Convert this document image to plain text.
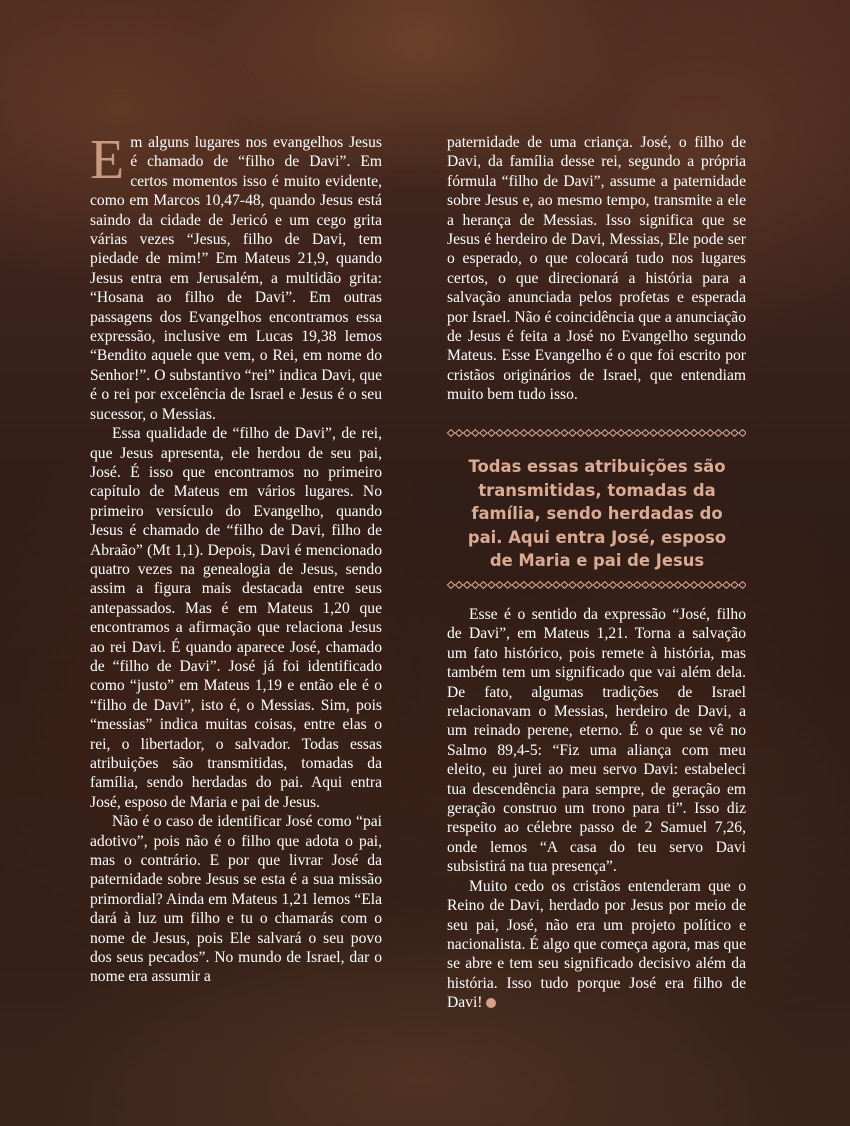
Em alguns lugares nos evangelhos Jesus é chamado de “filho de Davi”. Em certos momentos isso é muito evidente, como em Marcos 10,47-48, quando Jesus está saindo da cidade de Jericó e um cego grita várias vezes “Jesus, filho de Davi, tem piedade de mim!” Em Mateus 21,9, quando Jesus entra em Jerusalém, a multidão grita: “Hosana ao filho de Davi”. Em outras passagens dos Evangelhos encontramos essa expressão, inclusive em Lucas 19,38 lemos “Bendito aquele que vem, o Rei, em nome do Senhor!”. O substantivo “rei” indica Davi, que é o rei por excelência de Israel e Jesus é o seu sucessor, o Messias.

Essa qualidade de “filho de Davi”, de rei, que Jesus apresenta, ele herdou de seu pai, José. É isso que encontramos no primeiro capítulo de Mateus em vários lugares. No primeiro versículo do Evangelho, quando Jesus é chamado de “filho de Davi, filho de Abraão” (Mt 1,1). Depois, Davi é mencionado quatro vezes na genealogia de Jesus, sendo assim a figura mais destacada entre seus antepassados. Mas é em Mateus 1,20 que encontramos a afirmação que relaciona Jesus ao rei Davi. É quando aparece José, chamado de “filho de Davi”. José já foi identificado como “justo” em Mateus 1,19 e então ele é o “filho de Davi”, isto é, o Messias. Sim, pois “messias” indica muitas coisas, entre elas o rei, o libertador, o salvador. Todas essas atribuições são transmitidas, tomadas da família, sendo herdadas do pai. Aqui entra José, esposo de Maria e pai de Jesus.

Não é o caso de identificar José como “pai adotivo”, pois não é o filho que adota o pai, mas o contrário. E por que livrar José da paternidade sobre Jesus se esta é a sua missão primordial? Ainda em Mateus 1,21 lemos “Ela dará à luz um filho e tu o chamarás com o nome de Jesus, pois Ele salvará o seu povo dos seus pecados”. No mundo de Israel, dar o nome era assumir a

paternidade de uma criança. José, o filho de Davi, da família desse rei, segundo a própria fórmula “filho de Davi”, assume a paternidade sobre Jesus e, ao mesmo tempo, transmite a ele a herança de Messias. Isso significa que se Jesus é herdeiro de Davi, Messias, Ele pode ser o esperado, o que colocará tudo nos lugares certos, o que direcionará a história para a salvação anunciada pelos profetas e esperada por Israel. Não é coincidência que a anunciação de Jesus é feita a José no Evangelho segundo Mateus. Esse Evangelho é o que foi escrito por cristãos originários de Israel, que entendiam muito bem tudo isso.

Todas essas atribuições são transmitidas, tomadas da família, sendo herdadas do pai. Aqui entra José, esposo de Maria e pai de Jesus

Esse é o sentido da expressão “José, filho de Davi”, em Mateus 1,21. Torna a salvação um fato histórico, pois remete à história, mas também tem um significado que vai além dela. De fato, algumas tradições de Israel relacionavam o Messias, herdeiro de Davi, a um reinado perene, eterno. É o que se vê no Salmo 89,4-5: “Fiz uma aliança com meu eleito, eu jurei ao meu servo Davi: estabeleci tua descendência para sempre, de geração em geração construo um trono para ti”. Isso diz respeito ao célebre passo de 2 Samuel 7,26, onde lemos “A casa do teu servo Davi subsistirá na tua presença”.

Muito cedo os cristãos entenderam que o Reino de Davi, herdado por Jesus por meio de seu pai, José, não era um projeto político e nacionalista. É algo que começa agora, mas que se abre e tem seu significado decisivo além da história. Isso tudo porque José era filho de Davi!
